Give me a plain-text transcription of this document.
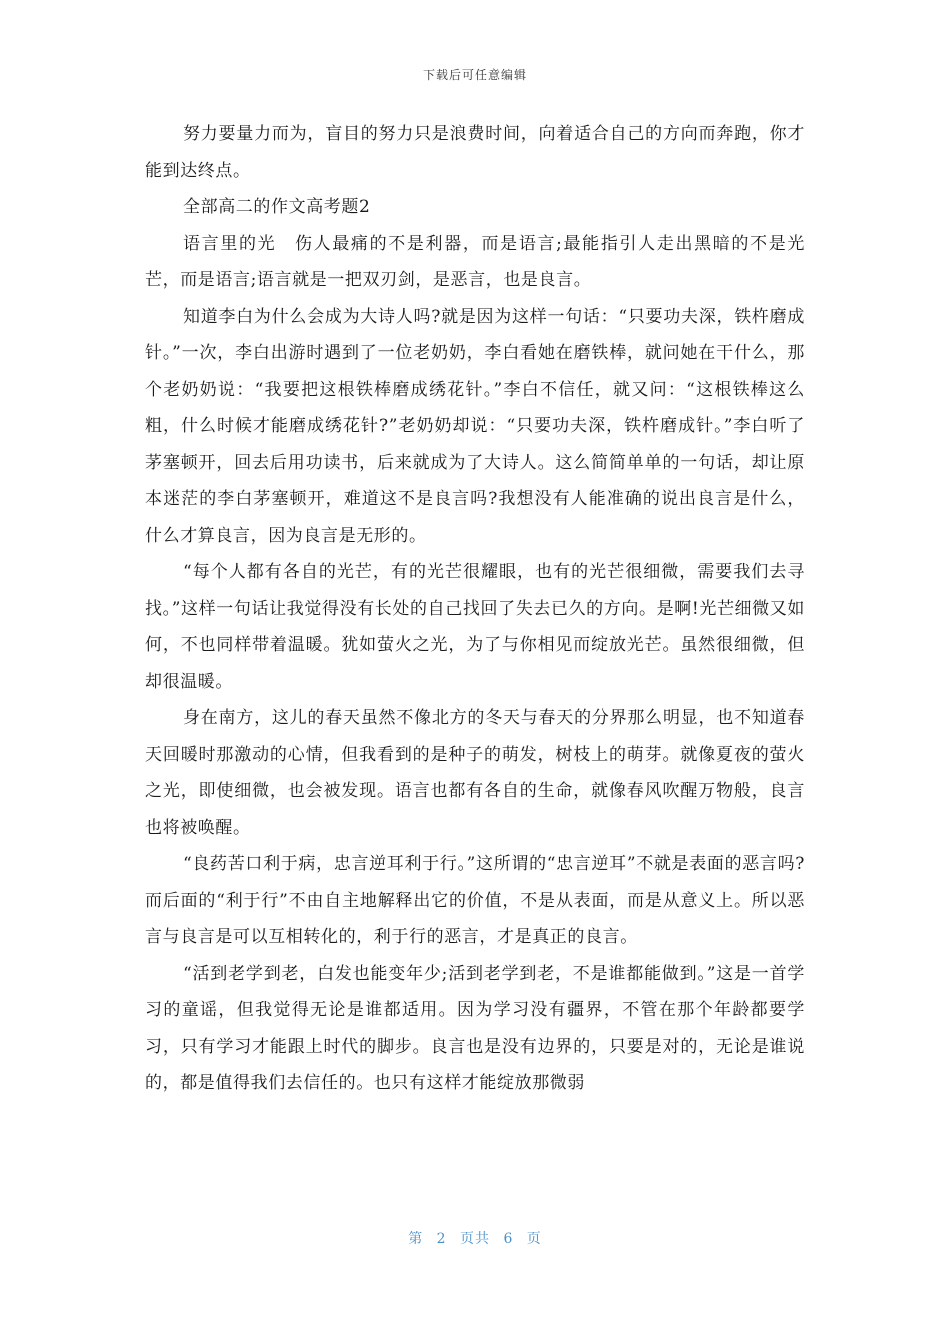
下载后可任意编辑

努力要量力而为，盲目的努力只是浪费时间，向着适合自己的方向而奔跑，你才能到达终点。

全部高二的作文高考题2

语言里的光　伤人最痛的不是利器，而是语言;最能指引人走出黑暗的不是光芒，而是语言;语言就是一把双刃剑，是恶言，也是良言。

知道李白为什么会成为大诗人吗?就是因为这样一句话：“只要功夫深，铁杵磨成针。”一次，李白出游时遇到了一位老奶奶，李白看她在磨铁棒，就问她在干什么，那个老奶奶说：“我要把这根铁棒磨成绣花针。”李白不信任，就又问：“这根铁棒这么粗，什么时候才能磨成绣花针?”老奶奶却说：“只要功夫深，铁杵磨成针。”李白听了茅塞顿开，回去后用功读书，后来就成为了大诗人。这么简简单单的一句话，却让原本迷茫的李白茅塞顿开，难道这不是良言吗?我想没有人能准确的说出良言是什么，什么才算良言，因为良言是无形的。

“每个人都有各自的光芒，有的光芒很耀眼，也有的光芒很细微，需要我们去寻找。”这样一句话让我觉得没有长处的自己找回了失去已久的方向。是啊!光芒细微又如何，不也同样带着温暖。犹如萤火之光，为了与你相见而绽放光芒。虽然很细微，但却很温暖。

身在南方，这儿的春天虽然不像北方的冬天与春天的分界那么明显，也不知道春天回暖时那激动的心情，但我看到的是种子的萌发，树枝上的萌芽。就像夏夜的萤火之光，即使细微，也会被发现。语言也都有各自的生命，就像春风吹醒万物般，良言也将被唤醒。

“良药苦口利于病，忠言逆耳利于行。”这所谓的“忠言逆耳”不就是表面的恶言吗?而后面的“利于行”不由自主地解释出它的价值，不是从表面，而是从意义上。所以恶言与良言是可以互相转化的，利于行的恶言，才是真正的良言。

“活到老学到老，白发也能变年少;活到老学到老，不是谁都能做到。”这是一首学习的童谣，但我觉得无论是谁都适用。因为学习没有疆界，不管在那个年龄都要学习，只有学习才能跟上时代的脚步。良言也是没有边界的，只要是对的，无论是谁说的，都是值得我们去信任的。也只有这样才能绽放那微弱

第 2 页共 6 页
